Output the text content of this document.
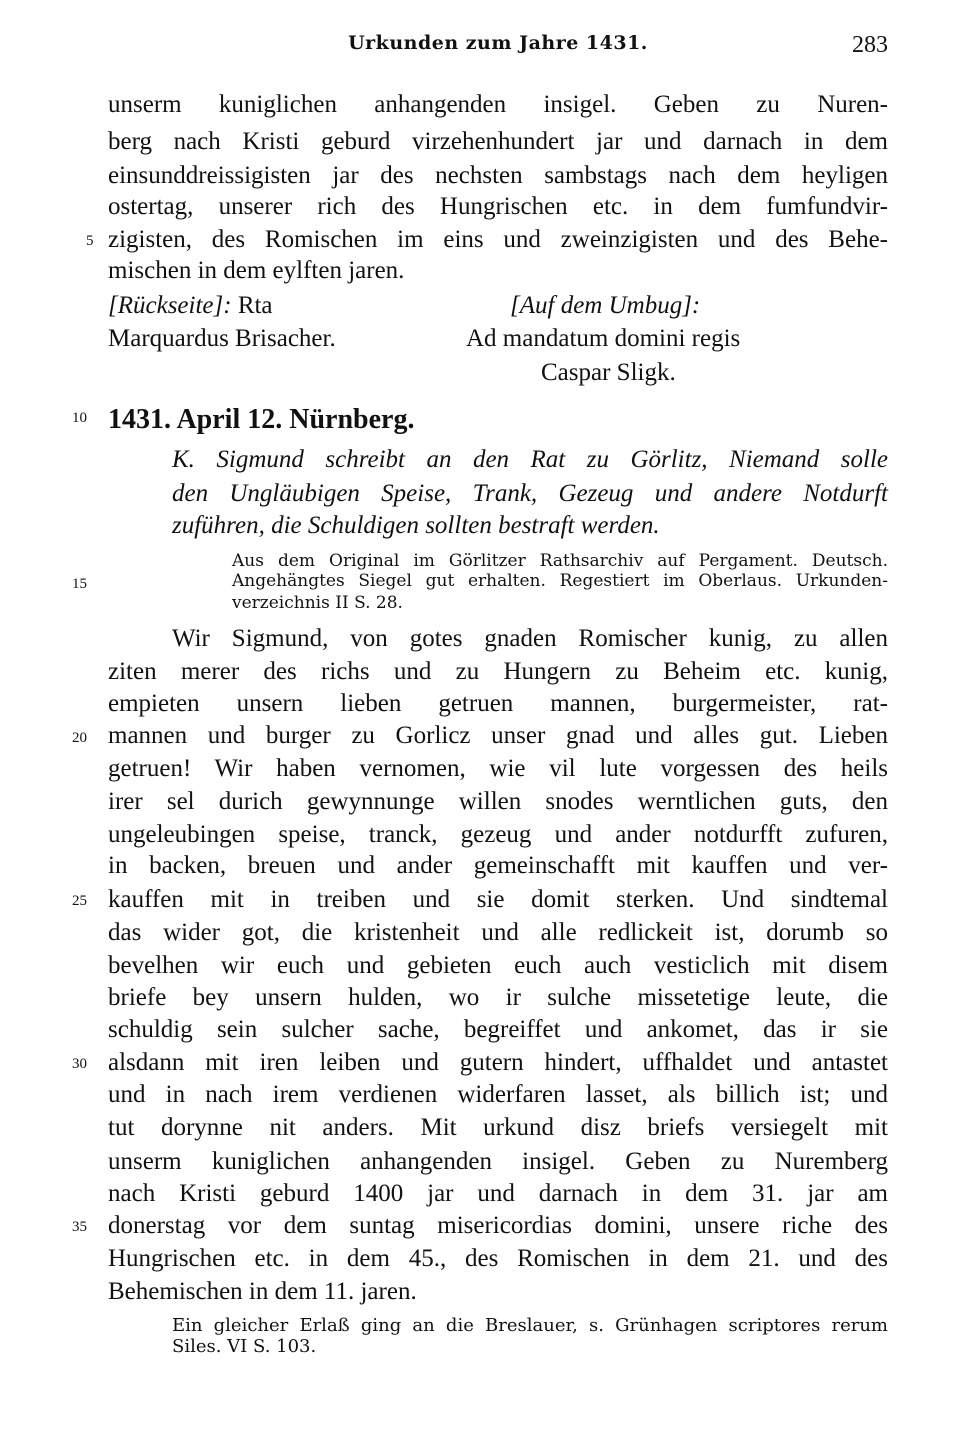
Urkunden zum Jahre 1431.	283
unserm kuniglichen anhangenden insigel. Geben zu Nuren-
berg nach Kristi geburd virzehenhundert jar und darnach in dem
einsunddreissigisten jar des nechsten sambstags nach dem heyligen
ostertag, unserer rich des Hungrischen etc. in dem fumfundvir-
zigisten, des Romischen im eins und zweinzigisten und des Behe-
mischen in dem eylften jaren.
[Rückseite]: Rta
Marquardus Brisacher.
[Auf dem Umbug]:
Ad mandatum domini regis
Caspar Sligk.
1431. April 12. Nürnberg.
K. Sigmund schreibt an den Rat zu Görlitz, Niemand solle
den Ungläubigen Speise, Trank, Gezeug und andere Notdurft
zuführen, die Schuldigen sollten bestraft werden.
Aus dem Original im Görlitzer Rathsarchiv auf Pergament. Deutsch.
Angehängtes Siegel gut erhalten. Regestiert im Oberlaus. Urkunden-
verzeichnis II S. 28.
Wir Sigmund, von gotes gnaden Romischer kunig, zu allen
ziten merer des richs und zu Hungern zu Beheim etc. kunig,
empieten unsern lieben getruen mannen, burgermeister, rat-
mannen und burger zu Gorlicz unser gnad und alles gut. Lieben
getruen! Wir haben vernomen, wie vil lute vorgessen des heils
irer sel durich gewynnunge willen snodes werntlichen guts, den
ungeleubingen speise, tranck, gezeug und ander notdurfft zufuren,
in backen, breuen und ander gemeinschafft mit kauffen und ver-
kauffen mit in treiben und sie domit sterken. Und sindtemal
das wider got, die kristenheit und alle redlickeit ist, dorumb so
bevelhen wir euch und gebieten euch auch vesticlich mit disem
briefe bey unsern hulden, wo ir sulche missetetige leute, die
schuldig sein sulcher sache, begreiffet und ankomet, das ir sie
alsdann mit iren leiben und gutern hindert, uffhaldet und antastet
und in nach irem verdienen widerfaren lasset, als billich ist; und
tut dorynne nit anders. Mit urkund disz briefs versiegelt mit
unserm kuniglichen anhangenden insigel. Geben zu Nuremberg
nach Kristi geburd 1400 jar und darnach in dem 31. jar am
donerstag vor dem suntag misericordias domini, unsere riche des
Hungrischen etc. in dem 45., des Romischen in dem 21. und des
Behemischen in dem 11. jaren.
Ein gleicher Erlaß ging an die Breslauer, s. Grünhagen scriptores rerum
Siles. VI S. 103.
5
10
15
20
25
30
35
